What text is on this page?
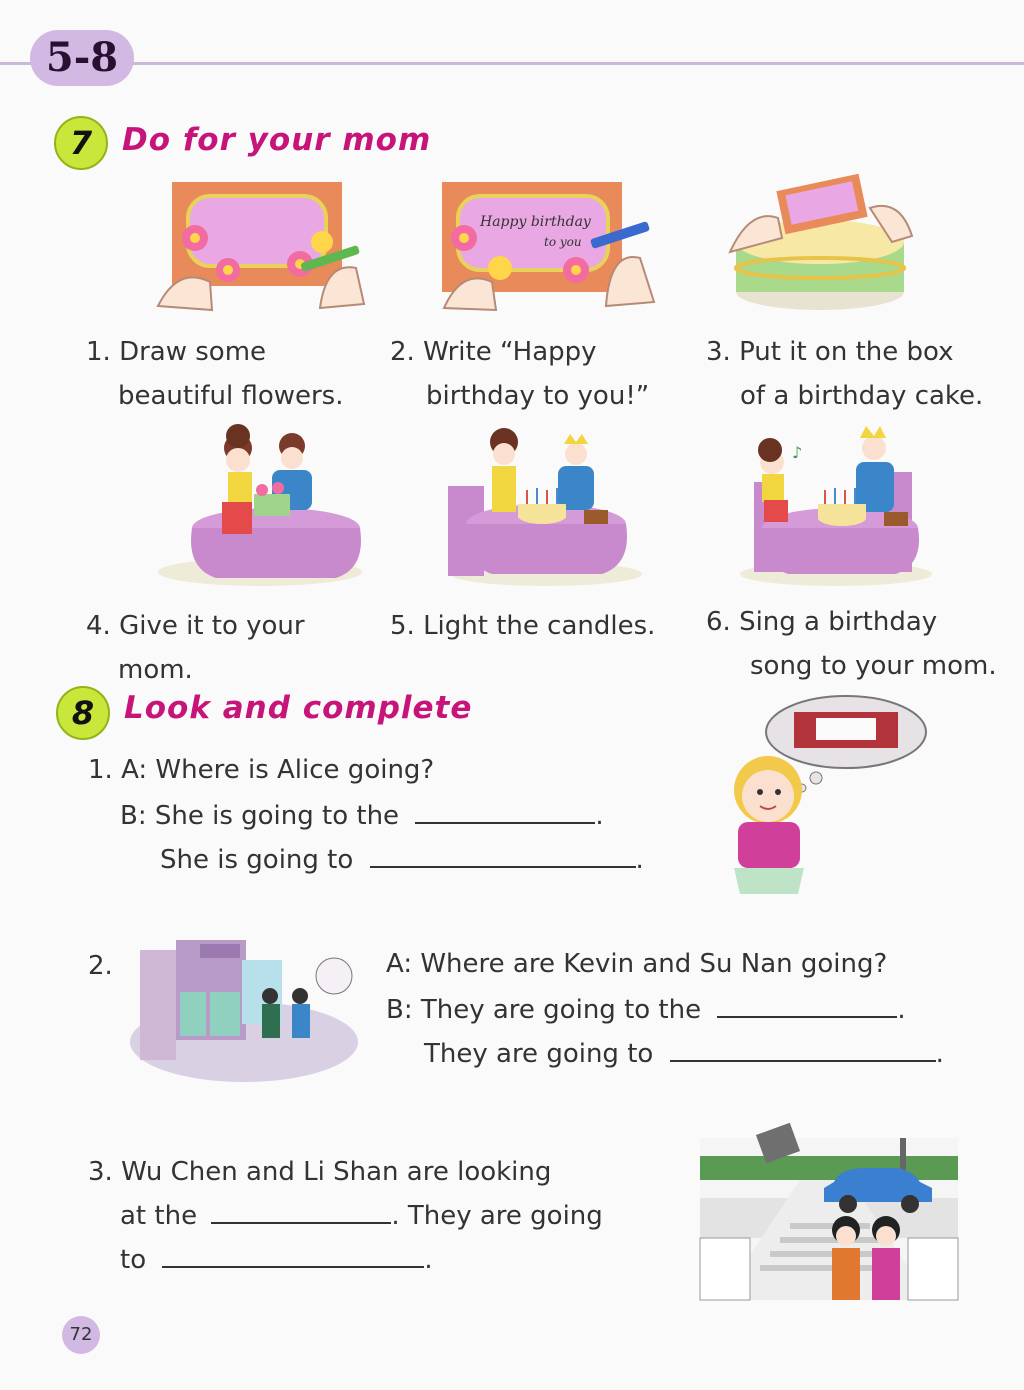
5-8
7 Do for your mom
Happy birthday
to you
1. Draw some
beautiful flowers.
2. Write “Happy
birthday to you!”
3. Put it on the box
of a birthday cake.
♪
4. Give it to your
mom.
5. Light the candles. 6. Sing a birthday
song to your mom.
8 Look and complete
1. A: Where is Alice going?
B: She is going to the	.
She is going to	.
2.	A: Where are Kevin and Su Nan going?
B: They are going to the	.
They are going to	.
3. Wu Chen and Li Shan are looking
at the	. They are going
to	.
72
